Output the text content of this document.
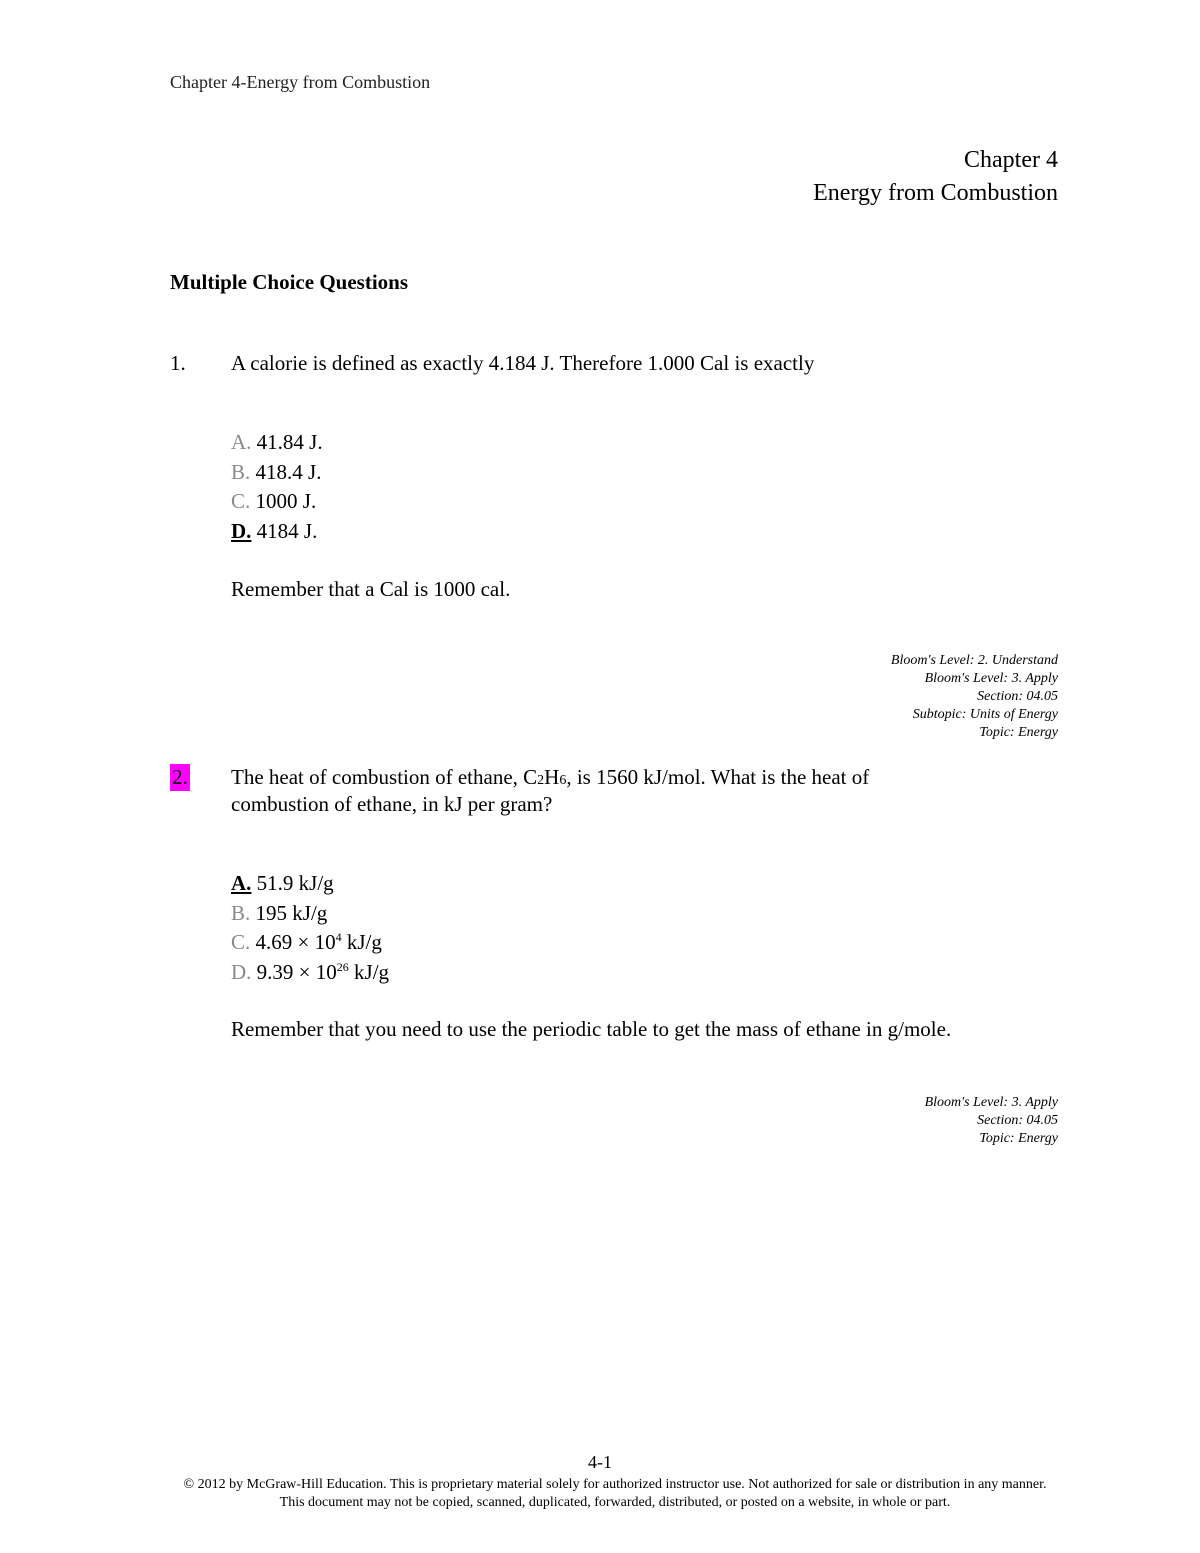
Chapter 4-Energy from Combustion
Chapter 4
Energy from Combustion
Multiple Choice Questions
1. A calorie is defined as exactly 4.184 J. Therefore 1.000 Cal is exactly
A. 41.84 J.
B. 418.4 J.
C. 1000 J.
D. 4184 J.
Remember that a Cal is 1000 cal.
Bloom's Level: 2. Understand
Bloom's Level: 3. Apply
Section: 04.05
Subtopic: Units of Energy
Topic: Energy
2. The heat of combustion of ethane, C2H6, is 1560 kJ/mol. What is the heat of combustion of ethane, in kJ per gram?
A. 51.9 kJ/g
B. 195 kJ/g
C. $4.69 \times 10^4$ kJ/g
D. $9.39 \times 10^{26}$ kJ/g
Remember that you need to use the periodic table to get the mass of ethane in g/mole.
Bloom's Level: 3. Apply
Section: 04.05
Topic: Energy
4-1
© 2012 by McGraw-Hill Education. This is proprietary material solely for authorized instructor use. Not authorized for sale or distribution in any manner. This document may not be copied, scanned, duplicated, forwarded, distributed, or posted on a website, in whole or part.
